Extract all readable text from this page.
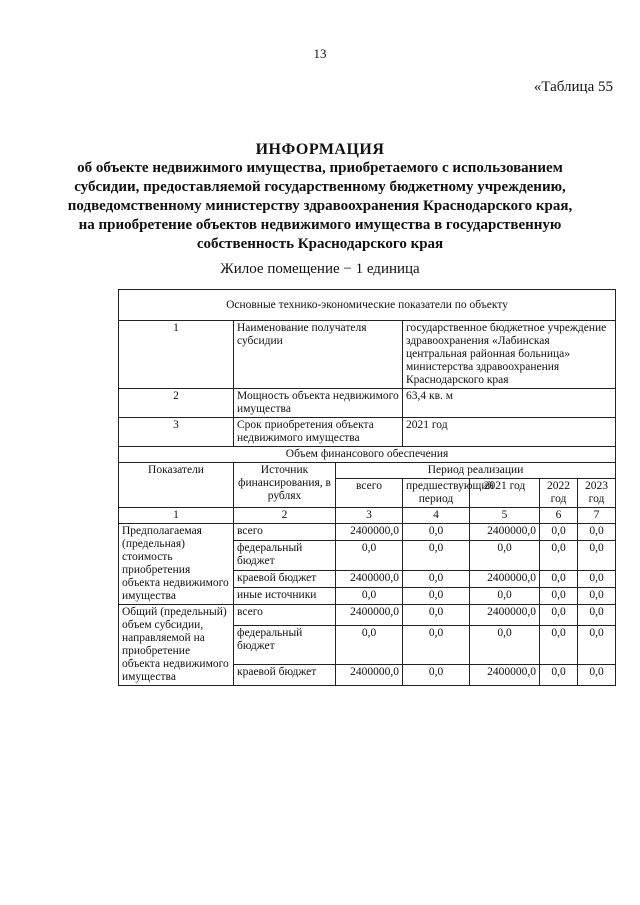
13
«Таблица 55
ИНФОРМАЦИЯ
об объекте недвижимого имущества, приобретаемого с использованием
субсидии, предоставляемой государственному бюджетному учреждению,
подведомственному министерству здравоохранения Краснодарского края,
на приобретение объектов недвижимого имущества в государственную
собственность Краснодарского края
Жилое помещение − 1 единица
Основные технико-экономические показатели по объекту						
1	Наименование получателя субсидии		государственное бюджетное учреждение здравоохранения «Лабинская центральная районная больница» министерства здравоохранения Краснодарского края			
2	Мощность объекта недвижимого имущества		63,4 кв. м			
3	Срок приобретения объекта недвижимого имущества		2021 год			
Объем финансового обеспечения						
Показатели	Источник финансирования, в рублях	Период реализации				
		всего	предшествующий период	2021 год	2022 год	2023 год
1	2	3	4	5	6	7
Предполагаемая (предельная) стоимость приобретения объекта недвижимого имущества	всего	2400000,0	0,0	2400000,0	0,0	0,0
	федеральный бюджет	0,0	0,0	0,0	0,0	0,0
	краевой бюджет	2400000,0	0,0	2400000,0	0,0	0,0
	иные источники	0,0	0,0	0,0	0,0	0,0
Общий (предельный) объем субсидии, направляемой на приобретение объекта недвижимого имущества	всего	2400000,0	0,0	2400000,0	0,0	0,0
	федеральный бюджет	0,0	0,0	0,0	0,0	0,0
	краевой бюджет	2400000,0	0,0	2400000,0	0,0	0,0
